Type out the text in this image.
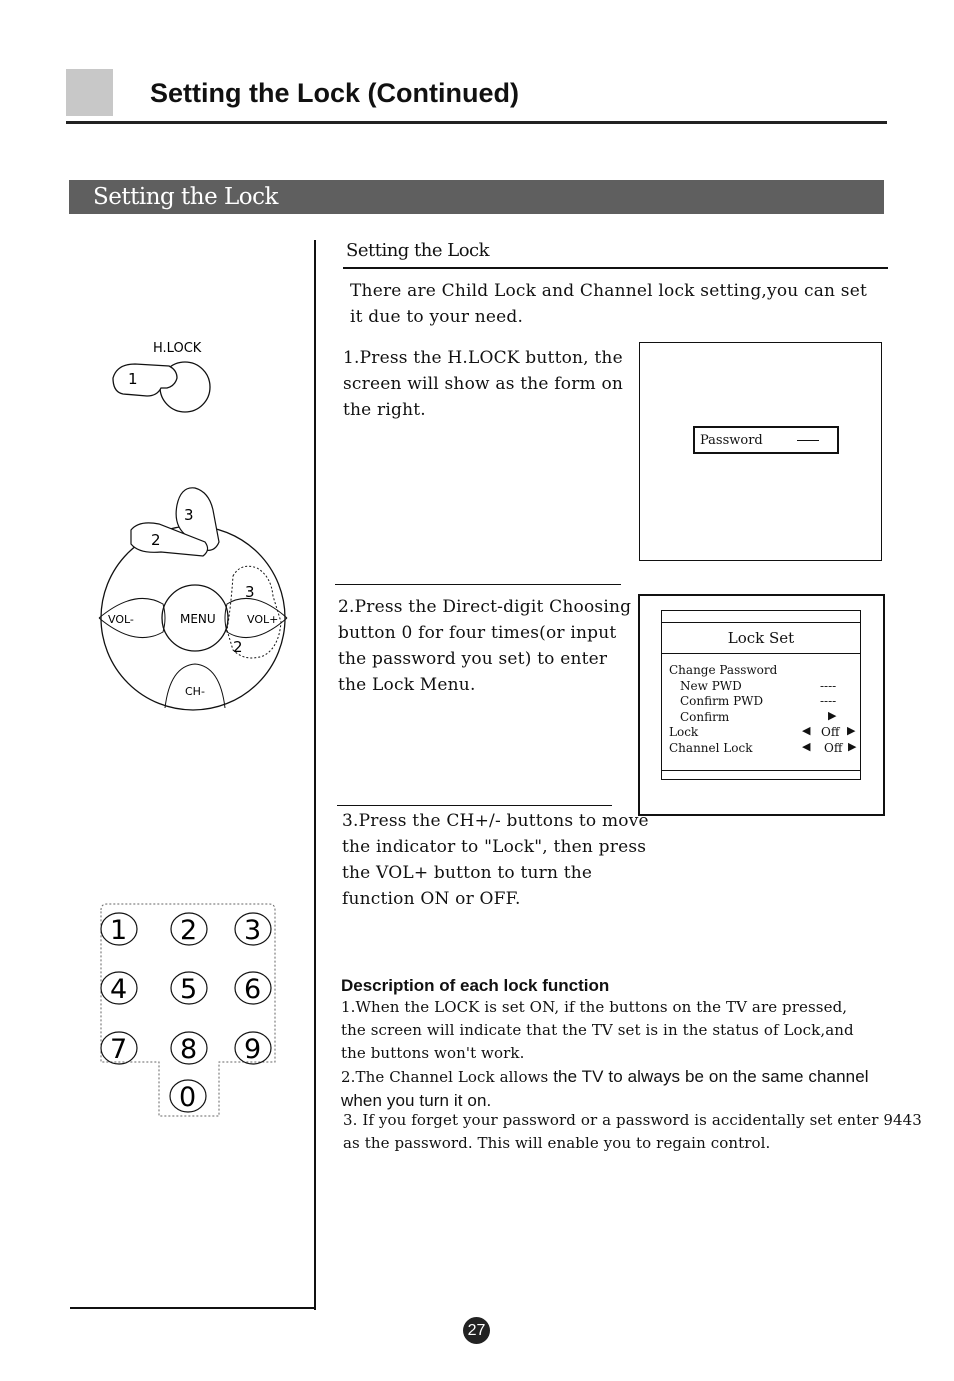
Setting the Lock (Continued)
Setting the Lock
Setting the Lock
There are Child Lock and Channel lock setting,you can set it due to your need.
1.Press the H.LOCK button, the screen will show as the form on the right.
2.Press the Direct-digit Choosing button 0 for four times(or input the password you set) to enter the Lock Menu.
3.Press the CH+/- buttons to move the indicator to "Lock", then press the VOL+ button to turn the function ON or OFF.
Password
Lock Set
Change Password
New PWD	----
Confirm PWD	----
Confirm	▶
Lock	◀ Off ▶
Channel Lock	◀ Off ▶
H.LOCK
1
MENU
VOL-	VOL+
CH-
3
2
3
2
1 2 3
4 5 6
7 8 9
0
Description of each lock function
1.When the LOCK is set ON, if the buttons on the TV are pressed, the screen will indicate that the TV set is in the status of Lock,and the buttons won't work.
2.The Channel Lock allows the TV to always be on the same channel when you turn it on.
3. If you forget your password or a password is accidentally set enter 9443 as the password. This will enable you to regain control.
27
